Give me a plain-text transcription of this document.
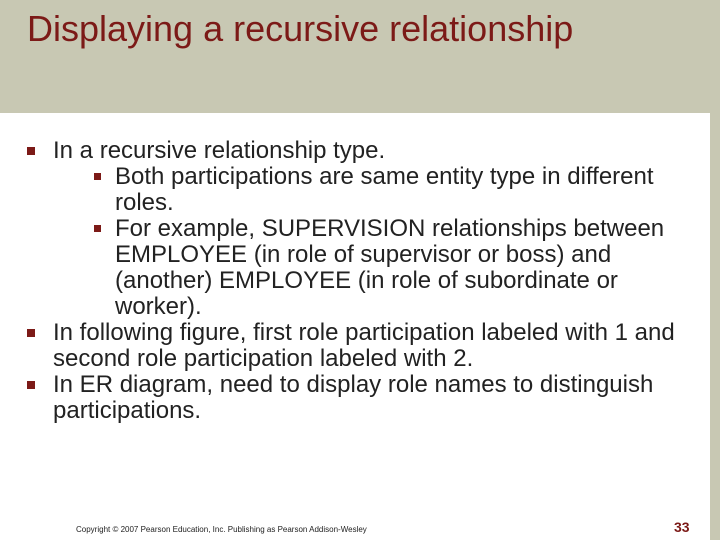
Displaying a recursive relationship
In a recursive relationship type.
Both participations are same entity type in different roles.
For example, SUPERVISION relationships between EMPLOYEE (in role of supervisor or boss) and (another) EMPLOYEE (in role of subordinate or worker).
In following figure, first role participation labeled with 1 and second role participation labeled with 2.
In ER diagram, need to display role names to distinguish participations.
Copyright © 2007 Pearson Education, Inc. Publishing as Pearson Addison-Wesley	33
